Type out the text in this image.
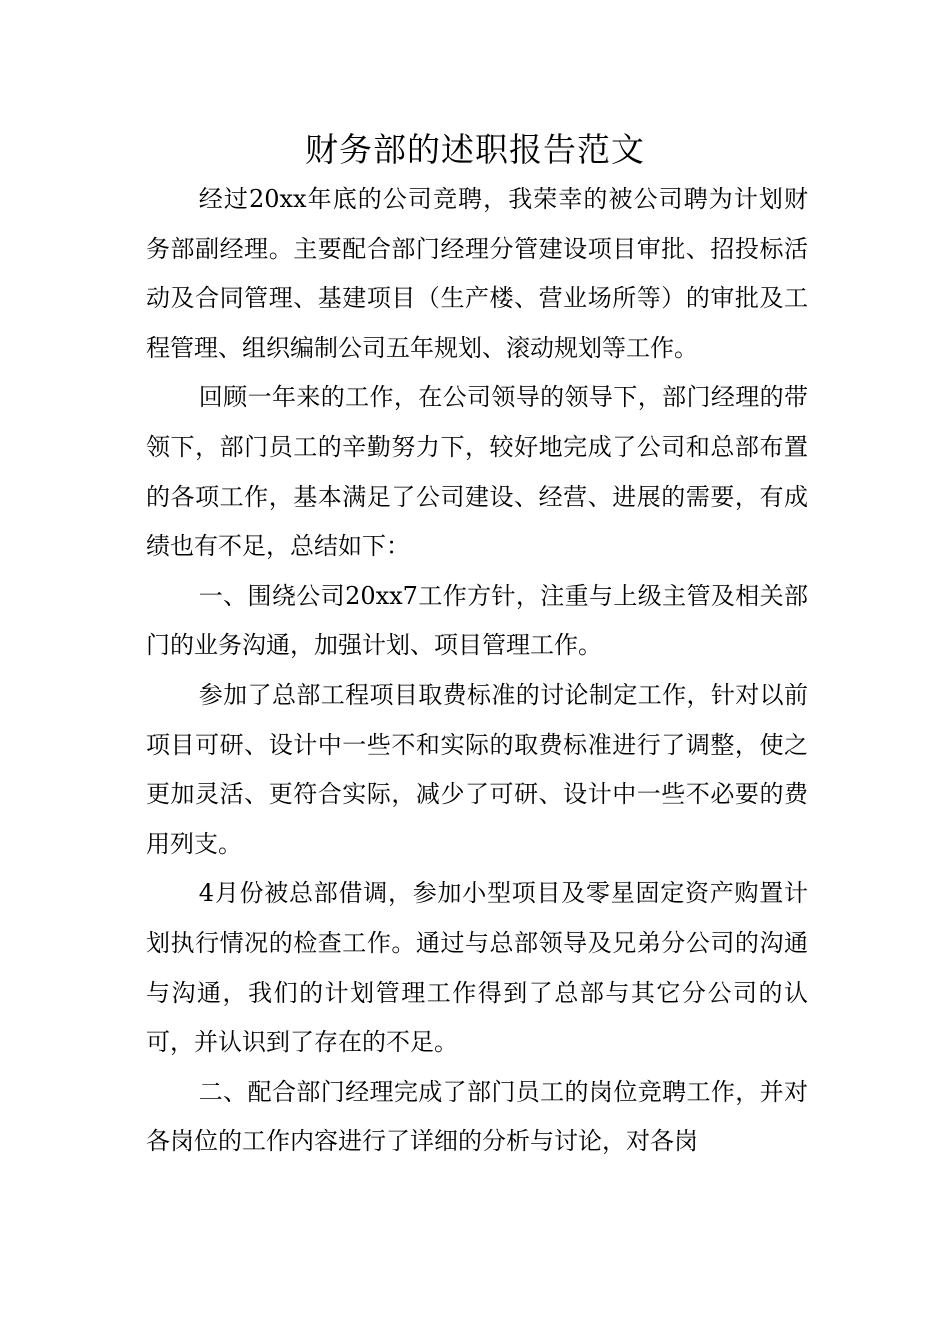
财务部的述职报告范文

经过20xx年底的公司竞聘，我荣幸的被公司聘为计划财务部副经理。主要配合部门经理分管建设项目审批、招投标活动及合同管理、基建项目（生产楼、营业场所等）的审批及工程管理、组织编制公司五年规划、滚动规划等工作。

回顾一年来的工作，在公司领导的领导下，部门经理的带领下，部门员工的辛勤努力下，较好地完成了公司和总部布置的各项工作，基本满足了公司建设、经营、进展的需要，有成绩也有不足，总结如下：

一、围绕公司20xx7工作方针，注重与上级主管及相关部门的业务沟通，加强计划、项目管理工作。

参加了总部工程项目取费标准的讨论制定工作，针对以前项目可研、设计中一些不和实际的取费标准进行了调整，使之更加灵活、更符合实际，减少了可研、设计中一些不必要的费用列支。

4月份被总部借调，参加小型项目及零星固定资产购置计划执行情况的检查工作。通过与总部领导及兄弟分公司的沟通与沟通，我们的计划管理工作得到了总部与其它分公司的认可，并认识到了存在的不足。

二、配合部门经理完成了部门员工的岗位竞聘工作，并对各岗位的工作内容进行了详细的分析与讨论，对各岗
